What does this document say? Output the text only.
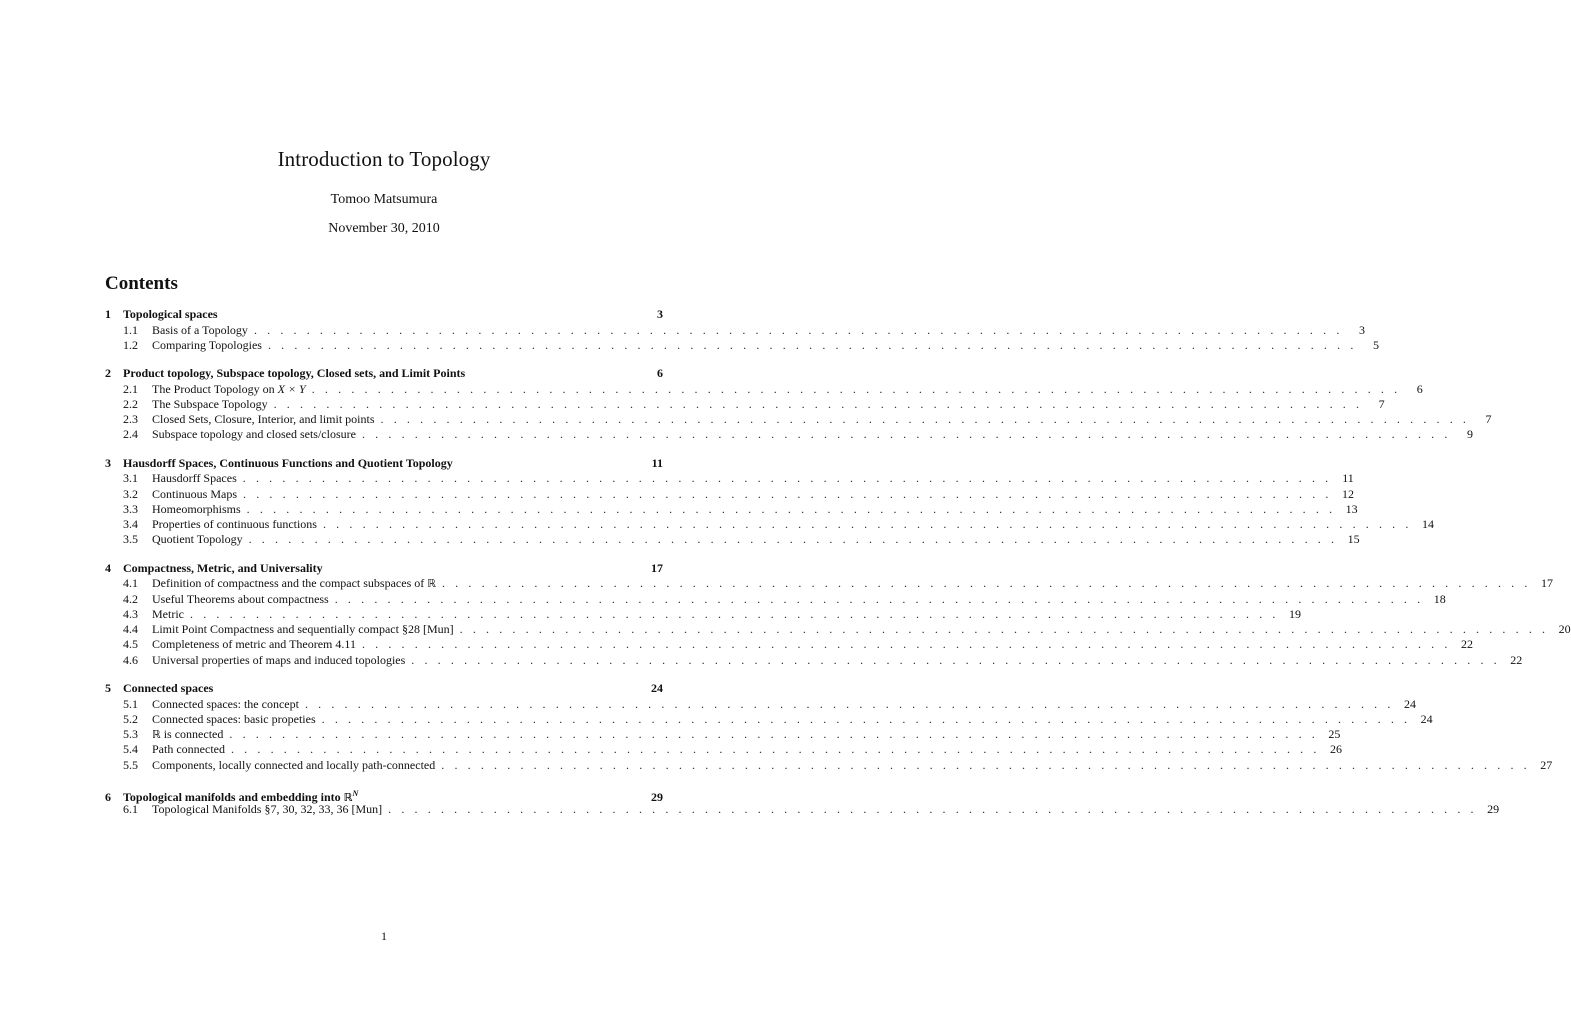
Introduction to Topology
Tomoo Matsumura
November 30, 2010
Contents
1	Topological spaces	3
1.1	Basis of a Topology . . . . . . . . . . . . . . . . . . . . . . . . . . . . . . . . . . . . . . . . . . . . . . . . . . . . . . . . . . . . . . . . . . . . . . . . . . . . . . . . . . .	3
1.2	Comparing Topologies . . . . . . . . . . . . . . . . . . . . . . . . . . . . . . . . . . . . . . . . . . . . . . . . . . . . . . . . . . . . . . . . . . . . . . . . . . . . . . . . . . .	5
2	Product topology, Subspace topology, Closed sets, and Limit Points	6
2.1	The Product Topology on X × Y . . . . . . . . . . . . . . . . . . . . . . . . . . . . . . . . . . . . . . . . . . . . . . . . . . . . . . . . . . . . . . . . . . . . . . . . . . . . . . . . . . .	6
2.2	The Subspace Topology . . . . . . . . . . . . . . . . . . . . . . . . . . . . . . . . . . . . . . . . . . . . . . . . . . . . . . . . . . . . . . . . . . . . . . . . . . . . . . . . . . .	7
2.3	Closed Sets, Closure, Interior, and limit points . . . . . . . . . . . . . . . . . . . . . . . . . . . . . . . . . . . . . . . . . . . . . . . . . . . . . . . . . . . . . . . . . . . . . . . . . . . . . . . . . . .	7
2.4	Subspace topology and closed sets/closure . . . . . . . . . . . . . . . . . . . . . . . . . . . . . . . . . . . . . . . . . . . . . . . . . . . . . . . . . . . . . . . . . . . . . . . . . . . . . . . . . . .	9
3	Hausdorff Spaces, Continuous Functions and Quotient Topology	11
3.1	Hausdorff Spaces . . . . . . . . . . . . . . . . . . . . . . . . . . . . . . . . . . . . . . . . . . . . . . . . . . . . . . . . . . . . . . . . . . . . . . . . . . . . . . . . . . . 11
3.2	Continuous Maps . . . . . . . . . . . . . . . . . . . . . . . . . . . . . . . . . . . . . . . . . . . . . . . . . . . . . . . . . . . . . . . . . . . . . . . . . . . . . . . . . . . 12
3.3	Homeomorphisms . . . . . . . . . . . . . . . . . . . . . . . . . . . . . . . . . . . . . . . . . . . . . . . . . . . . . . . . . . . . . . . . . . . . . . . . . . . . . . . . . . . 13
3.4	Properties of continuous functions . . . . . . . . . . . . . . . . . . . . . . . . . . . . . . . . . . . . . . . . . . . . . . . . . . . . . . . . . . . . . . . . . . . . . . . . . . . . . . . . . . . 14
3.5	Quotient Topology . . . . . . . . . . . . . . . . . . . . . . . . . . . . . . . . . . . . . . . . . . . . . . . . . . . . . . . . . . . . . . . . . . . . . . . . . . . . . . . . . . . 15
4	Compactness, Metric, and Universality	17
4.1	Definition of compactness and the compact subspaces of ℝ . . . . . . . . . . . . . . . . . . . . . . . . . . . . . . . . . . . . . . . . . . . . . . . . . . . . . . . . . . . . . . . . . . . . . . . . . . . . . . . . . . . 17
4.2	Useful Theorems about compactness . . . . . . . . . . . . . . . . . . . . . . . . . . . . . . . . . . . . . . . . . . . . . . . . . . . . . . . . . . . . . . . . . . . . . . . . . . . . . . . . . . . 18
4.3	Metric . . . . . . . . . . . . . . . . . . . . . . . . . . . . . . . . . . . . . . . . . . . . . . . . . . . . . . . . . . . . . . . . . . . . . . . . . . . . . . . . . . . 19
4.4	Limit Point Compactness and sequentially compact §28 [Mun] . . . . . . . . . . . . . . . . . . . . . . . . . . . . . . . . . . . . . . . . . . . . . . . . . . . . . . . . . . . . . . . . . . . . . . . . . . . . . . . . . . . 20
4.5	Completeness of metric and Theorem 4.11 . . . . . . . . . . . . . . . . . . . . . . . . . . . . . . . . . . . . . . . . . . . . . . . . . . . . . . . . . . . . . . . . . . . . . . . . . . . . . . . . . . . 22
4.6	Universal properties of maps and induced topologies . . . . . . . . . . . . . . . . . . . . . . . . . . . . . . . . . . . . . . . . . . . . . . . . . . . . . . . . . . . . . . . . . . . . . . . . . . . . . . . . . . . 22
5	Connected spaces	24
5.1	Connected spaces: the concept . . . . . . . . . . . . . . . . . . . . . . . . . . . . . . . . . . . . . . . . . . . . . . . . . . . . . . . . . . . . . . . . . . . . . . . . . . . . . . . . . . . 24
5.2	Connected spaces: basic propeties . . . . . . . . . . . . . . . . . . . . . . . . . . . . . . . . . . . . . . . . . . . . . . . . . . . . . . . . . . . . . . . . . . . . . . . . . . . . . . . . . . . 24
5.3	ℝ is connected . . . . . . . . . . . . . . . . . . . . . . . . . . . . . . . . . . . . . . . . . . . . . . . . . . . . . . . . . . . . . . . . . . . . . . . . . . . . . . . . . . . 25
5.4	Path connected . . . . . . . . . . . . . . . . . . . . . . . . . . . . . . . . . . . . . . . . . . . . . . . . . . . . . . . . . . . . . . . . . . . . . . . . . . . . . . . . . . . 26
5.5	Components, locally connected and locally path-connected . . . . . . . . . . . . . . . . . . . . . . . . . . . . . . . . . . . . . . . . . . . . . . . . . . . . . . . . . . . . . . . . . . . . . . . . . . . . . . . . . . . 27
6	Topological manifolds and embedding into ℝ$^N$	29
6.1	Topological Manifolds §7, 30, 32, 33, 36 [Mun] . . . . . . . . . . . . . . . . . . . . . . . . . . . . . . . . . . . . . . . . . . . . . . . . . . . . . . . . . . . . . . . . . . . . . . . . . . . . . . . . . . . 29
1
